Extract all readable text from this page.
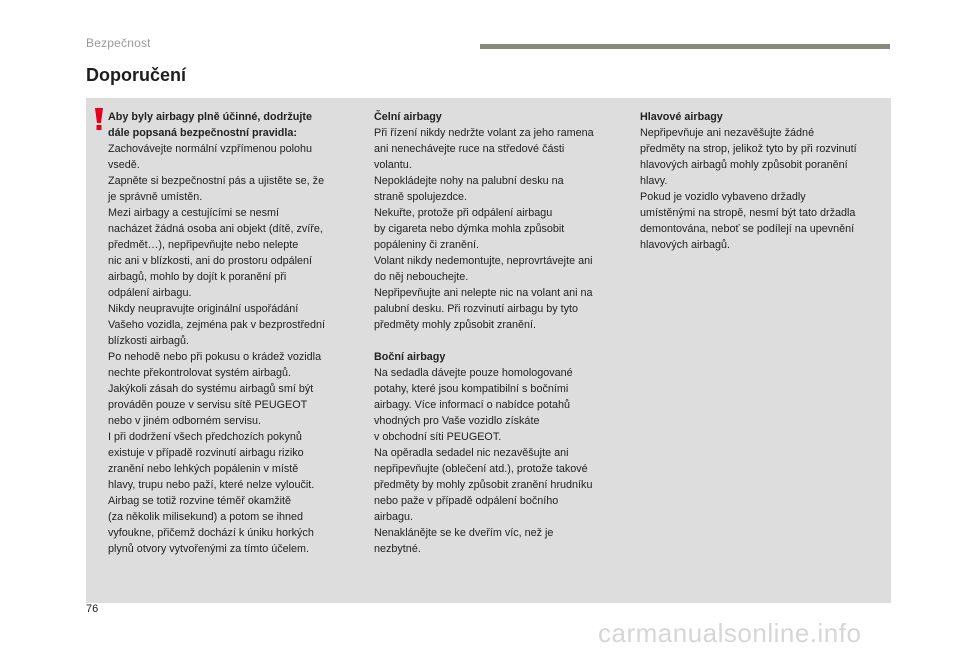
Bezpečnost
Doporučení
Aby byly airbagy plně účinné, dodržujte
dále popsaná bezpečnostní pravidla:
Zachovávejte normální vzpřímenou polohu
vsedě.
Zapněte si bezpečnostní pás a ujistěte se, že
je správně umístěn.
Mezi airbagy a cestujícími se nesmí
nacházet žádná osoba ani objekt (dítě, zvíře,
předmět…), nepřipevňujte nebo nelepte
nic ani v blízkosti, ani do prostoru odpálení
airbagů, mohlo by dojít k poranění při
odpálení airbagu.
Nikdy neupravujte originální uspořádání
Vašeho vozidla, zejména pak v bezprostřední
blízkosti airbagů.
Po nehodě nebo při pokusu o krádež vozidla
nechte překontrolovat systém airbagů.
Jakýkoli zásah do systému airbagů smí být
prováděn pouze v servisu sítě PEUGEOT
nebo v jiném odborném servisu.
I při dodržení všech předchozích pokynů
existuje v případě rozvinutí airbagu riziko
zranění nebo lehkých popálenin v místě
hlavy, trupu nebo paží, které nelze vyloučit.
Airbag se totiž rozvine téměř okamžitě
(za několik milisekund) a potom se ihned
vyfoukne, přičemž dochází k úniku horkých
plynů otvory vytvořenými za tímto účelem.
Čelní airbagy
Při řízení nikdy nedržte volant za jeho ramena
ani nenechávejte ruce na středové části
volantu.
Nepokládejte nohy na palubní desku na
straně spolujezdce.
Nekuřte, protože při odpálení airbagu
by cigareta nebo dýmka mohla způsobit
popáleniny či zranění.
Volant nikdy nedemontujte, neprovrtávejte ani
do něj nebouchejte.
Nepřipevňujte ani nelepte nic na volant ani na
palubní desku. Při rozvinutí airbagu by tyto
předměty mohly způsobit zranění.
Boční airbagy
Na sedadla dávejte pouze homologované
potahy, které jsou kompatibilní s bočními
airbagy. Více informací o nabídce potahů
vhodných pro Vaše vozidlo získáte
v obchodní síti PEUGEOT.
Na opěradla sedadel nic nezavěšujte ani
nepřipevňujte (oblečení atd.), protože takové
předměty by mohly způsobit zranění hrudníku
nebo paže v případě odpálení bočního
airbagu.
Nenaklánějte se ke dveřím víc, než je
nezbytné.
Hlavové airbagy
Nepřipevňuje ani nezavěšujte žádné
předměty na strop, jelikož tyto by při rozvinutí
hlavových airbagů mohly způsobit poranění
hlavy.
Pokud je vozidlo vybaveno držadly
umístěnými na stropě, nesmí být tato držadla
demontována, neboť se podílejí na upevnění
hlavových airbagů.
76
carmanualsonline.info
